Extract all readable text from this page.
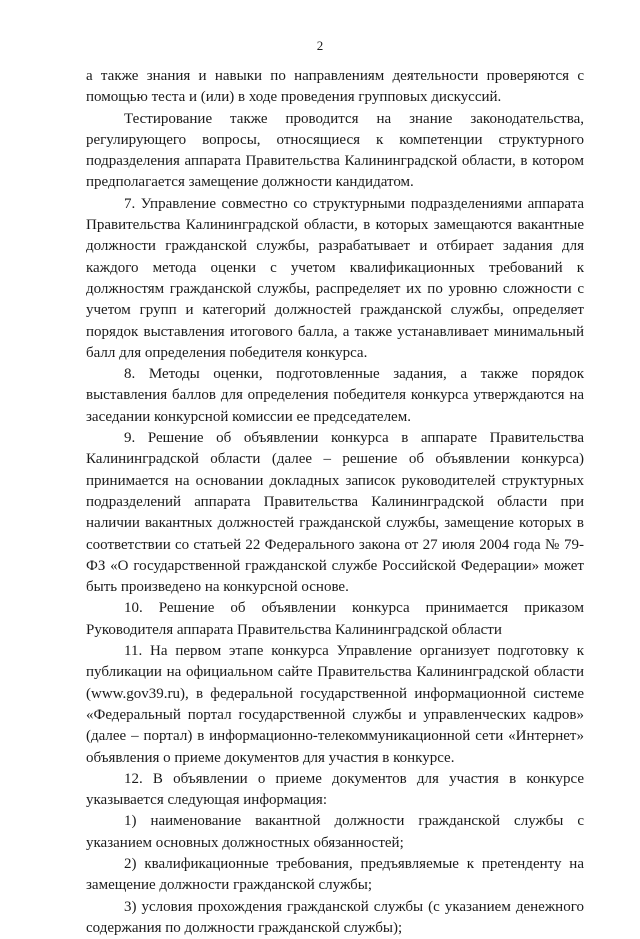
2

а также знания и навыки по направлениям деятельности проверяются с помощью теста и (или) в ходе проведения групповых дискуссий.

Тестирование также проводится на знание законодательства, регулирующего вопросы, относящиеся к компетенции структурного подразделения аппарата Правительства Калининградской области, в котором предполагается замещение должности кандидатом.

7. Управление совместно со структурными подразделениями аппарата Правительства Калининградской области, в которых замещаются вакантные должности гражданской службы, разрабатывает и отбирает задания для каждого метода оценки с учетом квалификационных требований к должностям гражданской службы, распределяет их по уровню сложности с учетом групп и категорий должностей гражданской службы, определяет порядок выставления итогового балла, а также устанавливает минимальный балл для определения победителя конкурса.

8. Методы оценки, подготовленные задания, а также порядок выставления баллов для определения победителя конкурса утверждаются на заседании конкурсной комиссии ее председателем.

9. Решение об объявлении конкурса в аппарате Правительства Калининградской области (далее – решение об объявлении конкурса) принимается на основании докладных записок руководителей структурных подразделений аппарата Правительства Калининградской области при наличии вакантных должностей гражданской службы, замещение которых в соответствии со статьей 22 Федерального закона от 27 июля 2004 года № 79-ФЗ «О государственной гражданской службе Российской Федерации» может быть произведено на конкурсной основе.

10. Решение об объявлении конкурса принимается приказом Руководителя аппарата Правительства Калининградской области

11. На первом этапе конкурса Управление организует подготовку к публикации на официальном сайте Правительства Калининградской области (www.gov39.ru), в федеральной государственной информационной системе «Федеральный портал государственной службы и управленческих кадров» (далее – портал) в информационно-телекоммуникационной сети «Интернет» объявления о приеме документов для участия в конкурсе.

12. В объявлении о приеме документов для участия в конкурсе указывается следующая информация:

1) наименование вакантной должности гражданской службы с указанием основных должностных обязанностей;

2) квалификационные требования, предъявляемые к претенденту на замещение должности гражданской службы;

3) условия прохождения гражданской службы (с указанием денежного содержания по должности гражданской службы);
